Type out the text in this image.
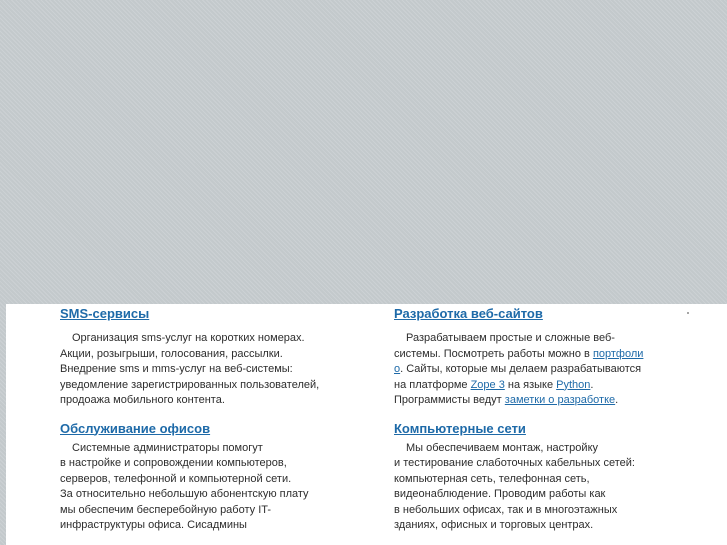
SMS-сервисы

Организация sms-услуг на коротких номерах.
Акции, розыгрыши, голосования, рассылки.
Внедрение sms и mms-услуг на веб-системы:
уведомление зарегистрированных пользователей,
продоажа мобильного контента.

Обслуживание офисов

Системные администраторы помогут
в настройке и сопровождении компьютеров,
серверов, телефонной и компьютерной сети.
За относительно небольшую абонентскую плату
мы обеспечим бесперебойную работу IT-
инфраструктуры офиса. Сисадмины

Разработка веб-сайтов

Разрабатываем простые и сложные веб-
системы. Посмотреть работы можно в портфоли
о. Сайты, которые мы делаем разрабатываются
на платформе Zope 3 на языке Python.
Программисты ведут заметки о разработке.

Компьютерные сети

Мы обеспечиваем монтаж, настройку
и тестирование слаботочных кабельных сетей:
компьютерная сеть, телефонная сеть,
видеонаблюдение. Проводим работы как
в небольших офисах, так и в многоэтажных
зданиях, офисных и торговых центрах.
